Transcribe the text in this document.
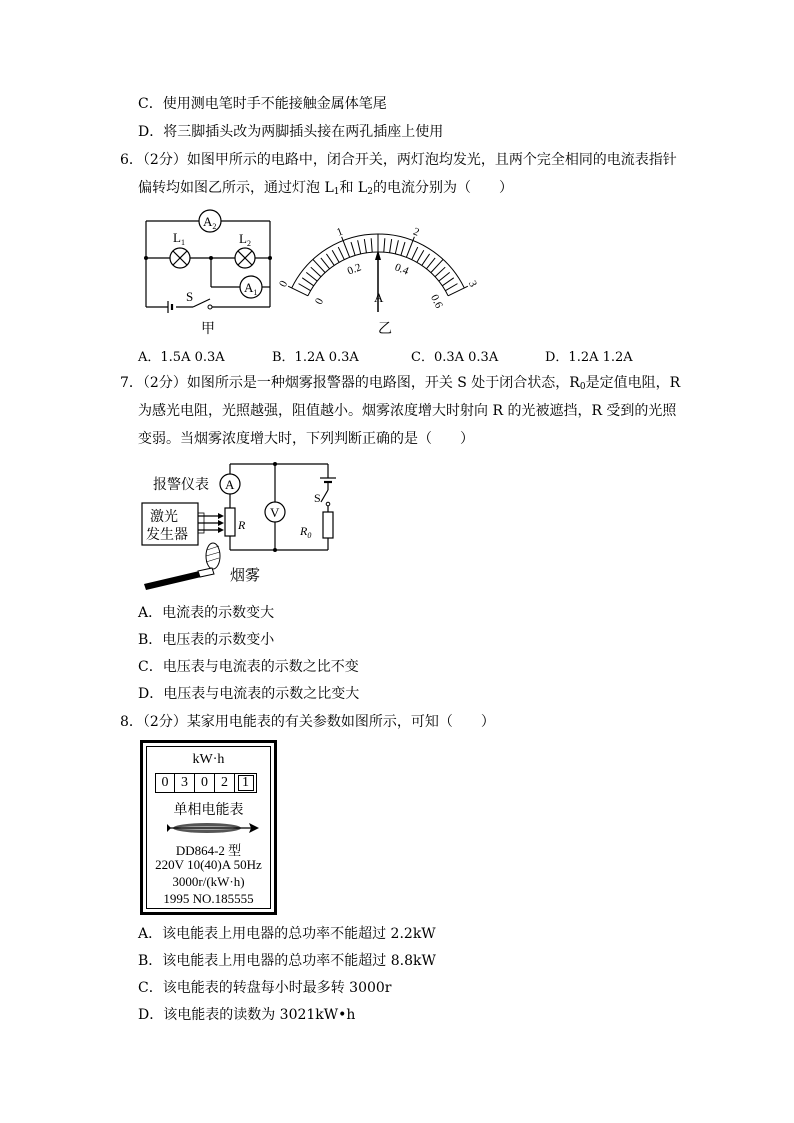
C．使用测电笔时手不能接触金属体笔尾
D．将三脚插头改为两脚插头接在两孔插座上使用
6．（2分）如图甲所示的电路中，闭合开关，两灯泡均发光，且两个完全相同的电流表指针
偏转均如图乙所示，通过灯泡 $L_1$和 $L_2$的电流分别为（　　）
$A_2$
$L_1$	$L_2$
$A_1$
S
甲
0
1	2
3
0
0.2	0.4
0.6
A
乙
A．1.5A 0.3A	B．1.2A 0.3A	C．0.3A 0.3A	D．1.2A 1.2A
7．（2分）如图所示是一种烟雾报警器的电路图，开关 S 处于闭合状态，$R_0$是定值电阻，R
为感光电阻，光照越强，阻值越小。烟雾浓度增大时射向 R 的光被遮挡，R 受到的光照
变弱。当烟雾浓度增大时，下列判断正确的是（　　）
A
V
S
R	$R_0$
激光
发生器
烟雾
报警仪表
A．电流表的示数变大
B．电压表的示数变小
C．电压表与电流表的示数之比不变
D．电压表与电流表的示数之比变大
8．（2分）某家用电能表的有关参数如图所示，可知（　　）
kW·h
0 3 0 2	1
单相电能表
DD864-2 型
220V 10(40)A 50Hz
3000r/(kW·h)
1995 NO.185555
A．该电能表上用电器的总功率不能超过 2.2kW
B．该电能表上用电器的总功率不能超过 8.8kW
C．该电能表的转盘每小时最多转 3000r
D．该电能表的读数为 3021kW•h
